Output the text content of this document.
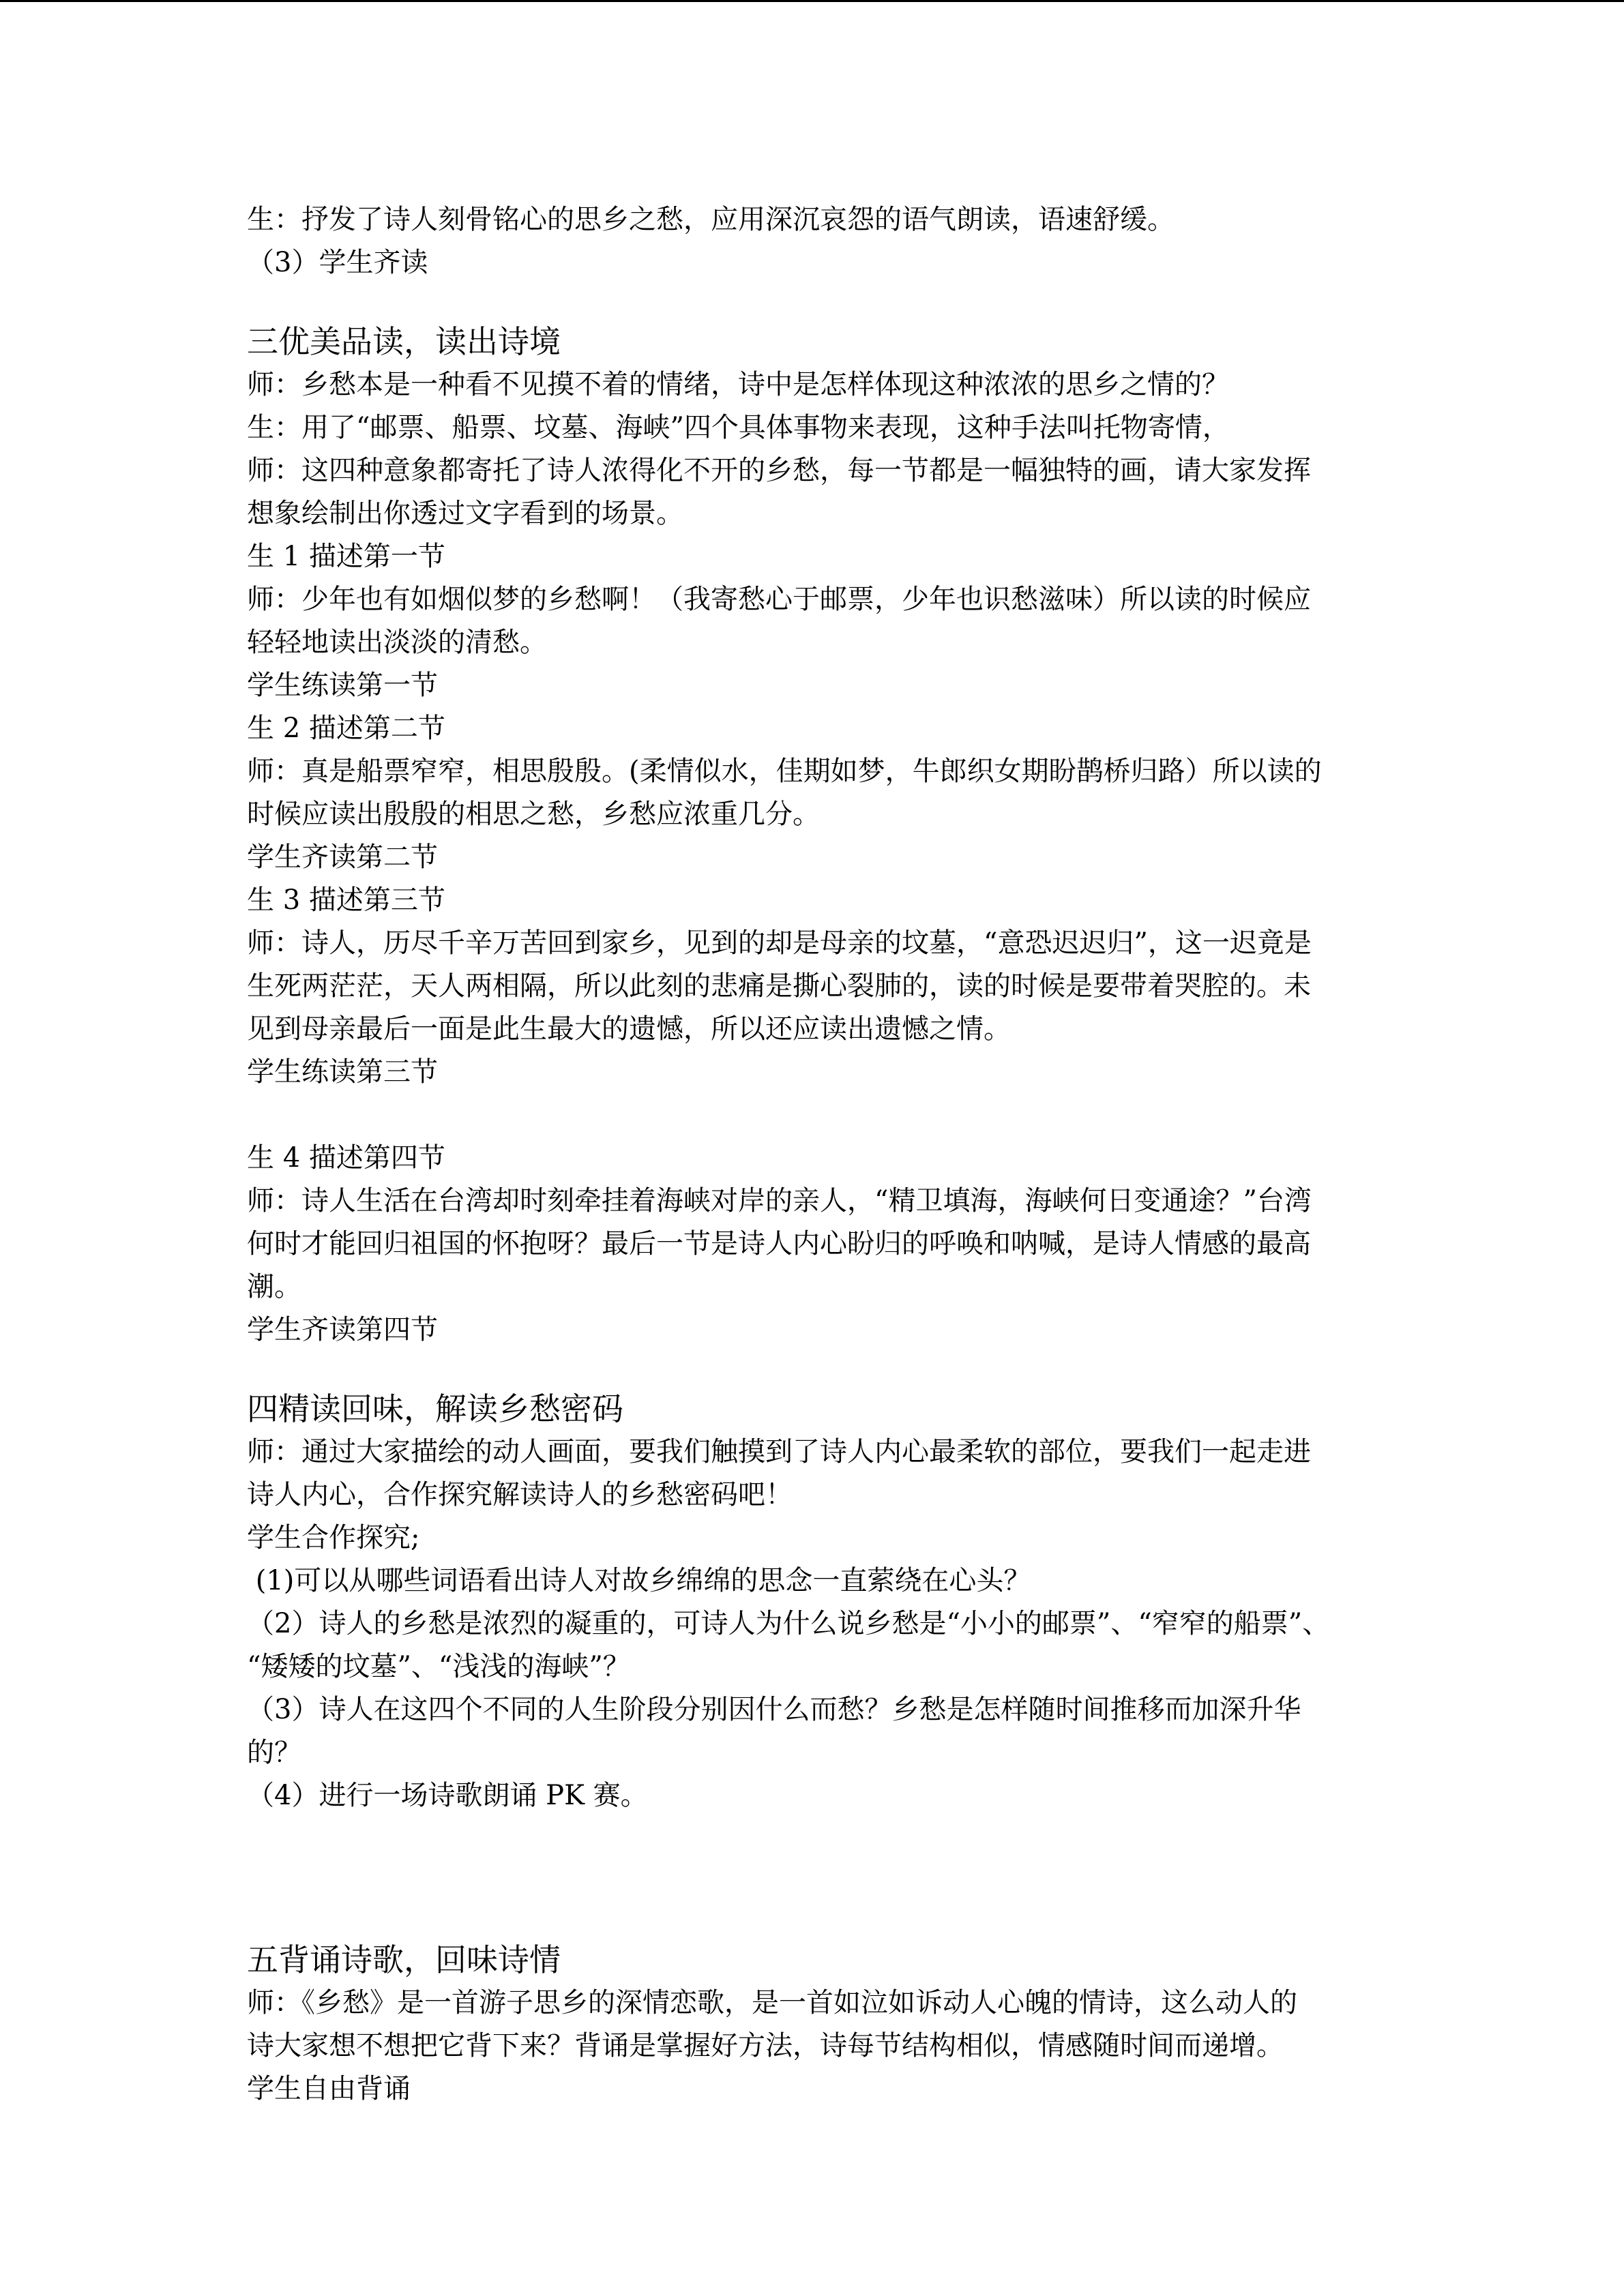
生：抒发了诗人刻骨铭心的思乡之愁，应用深沉哀怨的语气朗读，语速舒缓。
（3）学生齐读
三优美品读，读出诗境
师：乡愁本是一种看不见摸不着的情绪，诗中是怎样体现这种浓浓的思乡之情的？
生：用了“邮票、船票、坟墓、海峡”四个具体事物来表现，这种手法叫托物寄情，
师：这四种意象都寄托了诗人浓得化不开的乡愁，每一节都是一幅独特的画，请大家发挥
想象绘制出你透过文字看到的场景。
生 1 描述第一节
师：少年也有如烟似梦的乡愁啊！（我寄愁心于邮票，少年也识愁滋味）所以读的时候应
轻轻地读出淡淡的清愁。
学生练读第一节
生 2 描述第二节
师：真是船票窄窄，相思殷殷。(柔情似水，佳期如梦，牛郎织女期盼鹊桥归路）所以读的
时候应读出殷殷的相思之愁，乡愁应浓重几分。
学生齐读第二节
生 3 描述第三节
师：诗人，历尽千辛万苦回到家乡，见到的却是母亲的坟墓，“意恐迟迟归”，这一迟竟是
生死两茫茫，天人两相隔，所以此刻的悲痛是撕心裂肺的，读的时候是要带着哭腔的。未
见到母亲最后一面是此生最大的遗憾，所以还应读出遗憾之情。
学生练读第三节
生 4 描述第四节
师：诗人生活在台湾却时刻牵挂着海峡对岸的亲人，“精卫填海，海峡何日变通途？”台湾
何时才能回归祖国的怀抱呀？最后一节是诗人内心盼归的呼唤和呐喊，是诗人情感的最高
潮。
学生齐读第四节
四精读回味，解读乡愁密码
师：通过大家描绘的动人画面，要我们触摸到了诗人内心最柔软的部位，要我们一起走进
诗人内心，合作探究解读诗人的乡愁密码吧！
学生合作探究;
(1)可以从哪些词语看出诗人对故乡绵绵的思念一直萦绕在心头？
（2）诗人的乡愁是浓烈的凝重的，可诗人为什么说乡愁是“小小的邮票”、“窄窄的船票”、
“矮矮的坟墓”、“浅浅的海峡”？
（3）诗人在这四个不同的人生阶段分别因什么而愁？乡愁是怎样随时间推移而加深升华
的？
（4）进行一场诗歌朗诵 PK 赛。
五背诵诗歌，回味诗情
师：《乡愁》是一首游子思乡的深情恋歌，是一首如泣如诉动人心魄的情诗，这么动人的
诗大家想不想把它背下来？背诵是掌握好方法，诗每节结构相似，情感随时间而递增。
学生自由背诵
